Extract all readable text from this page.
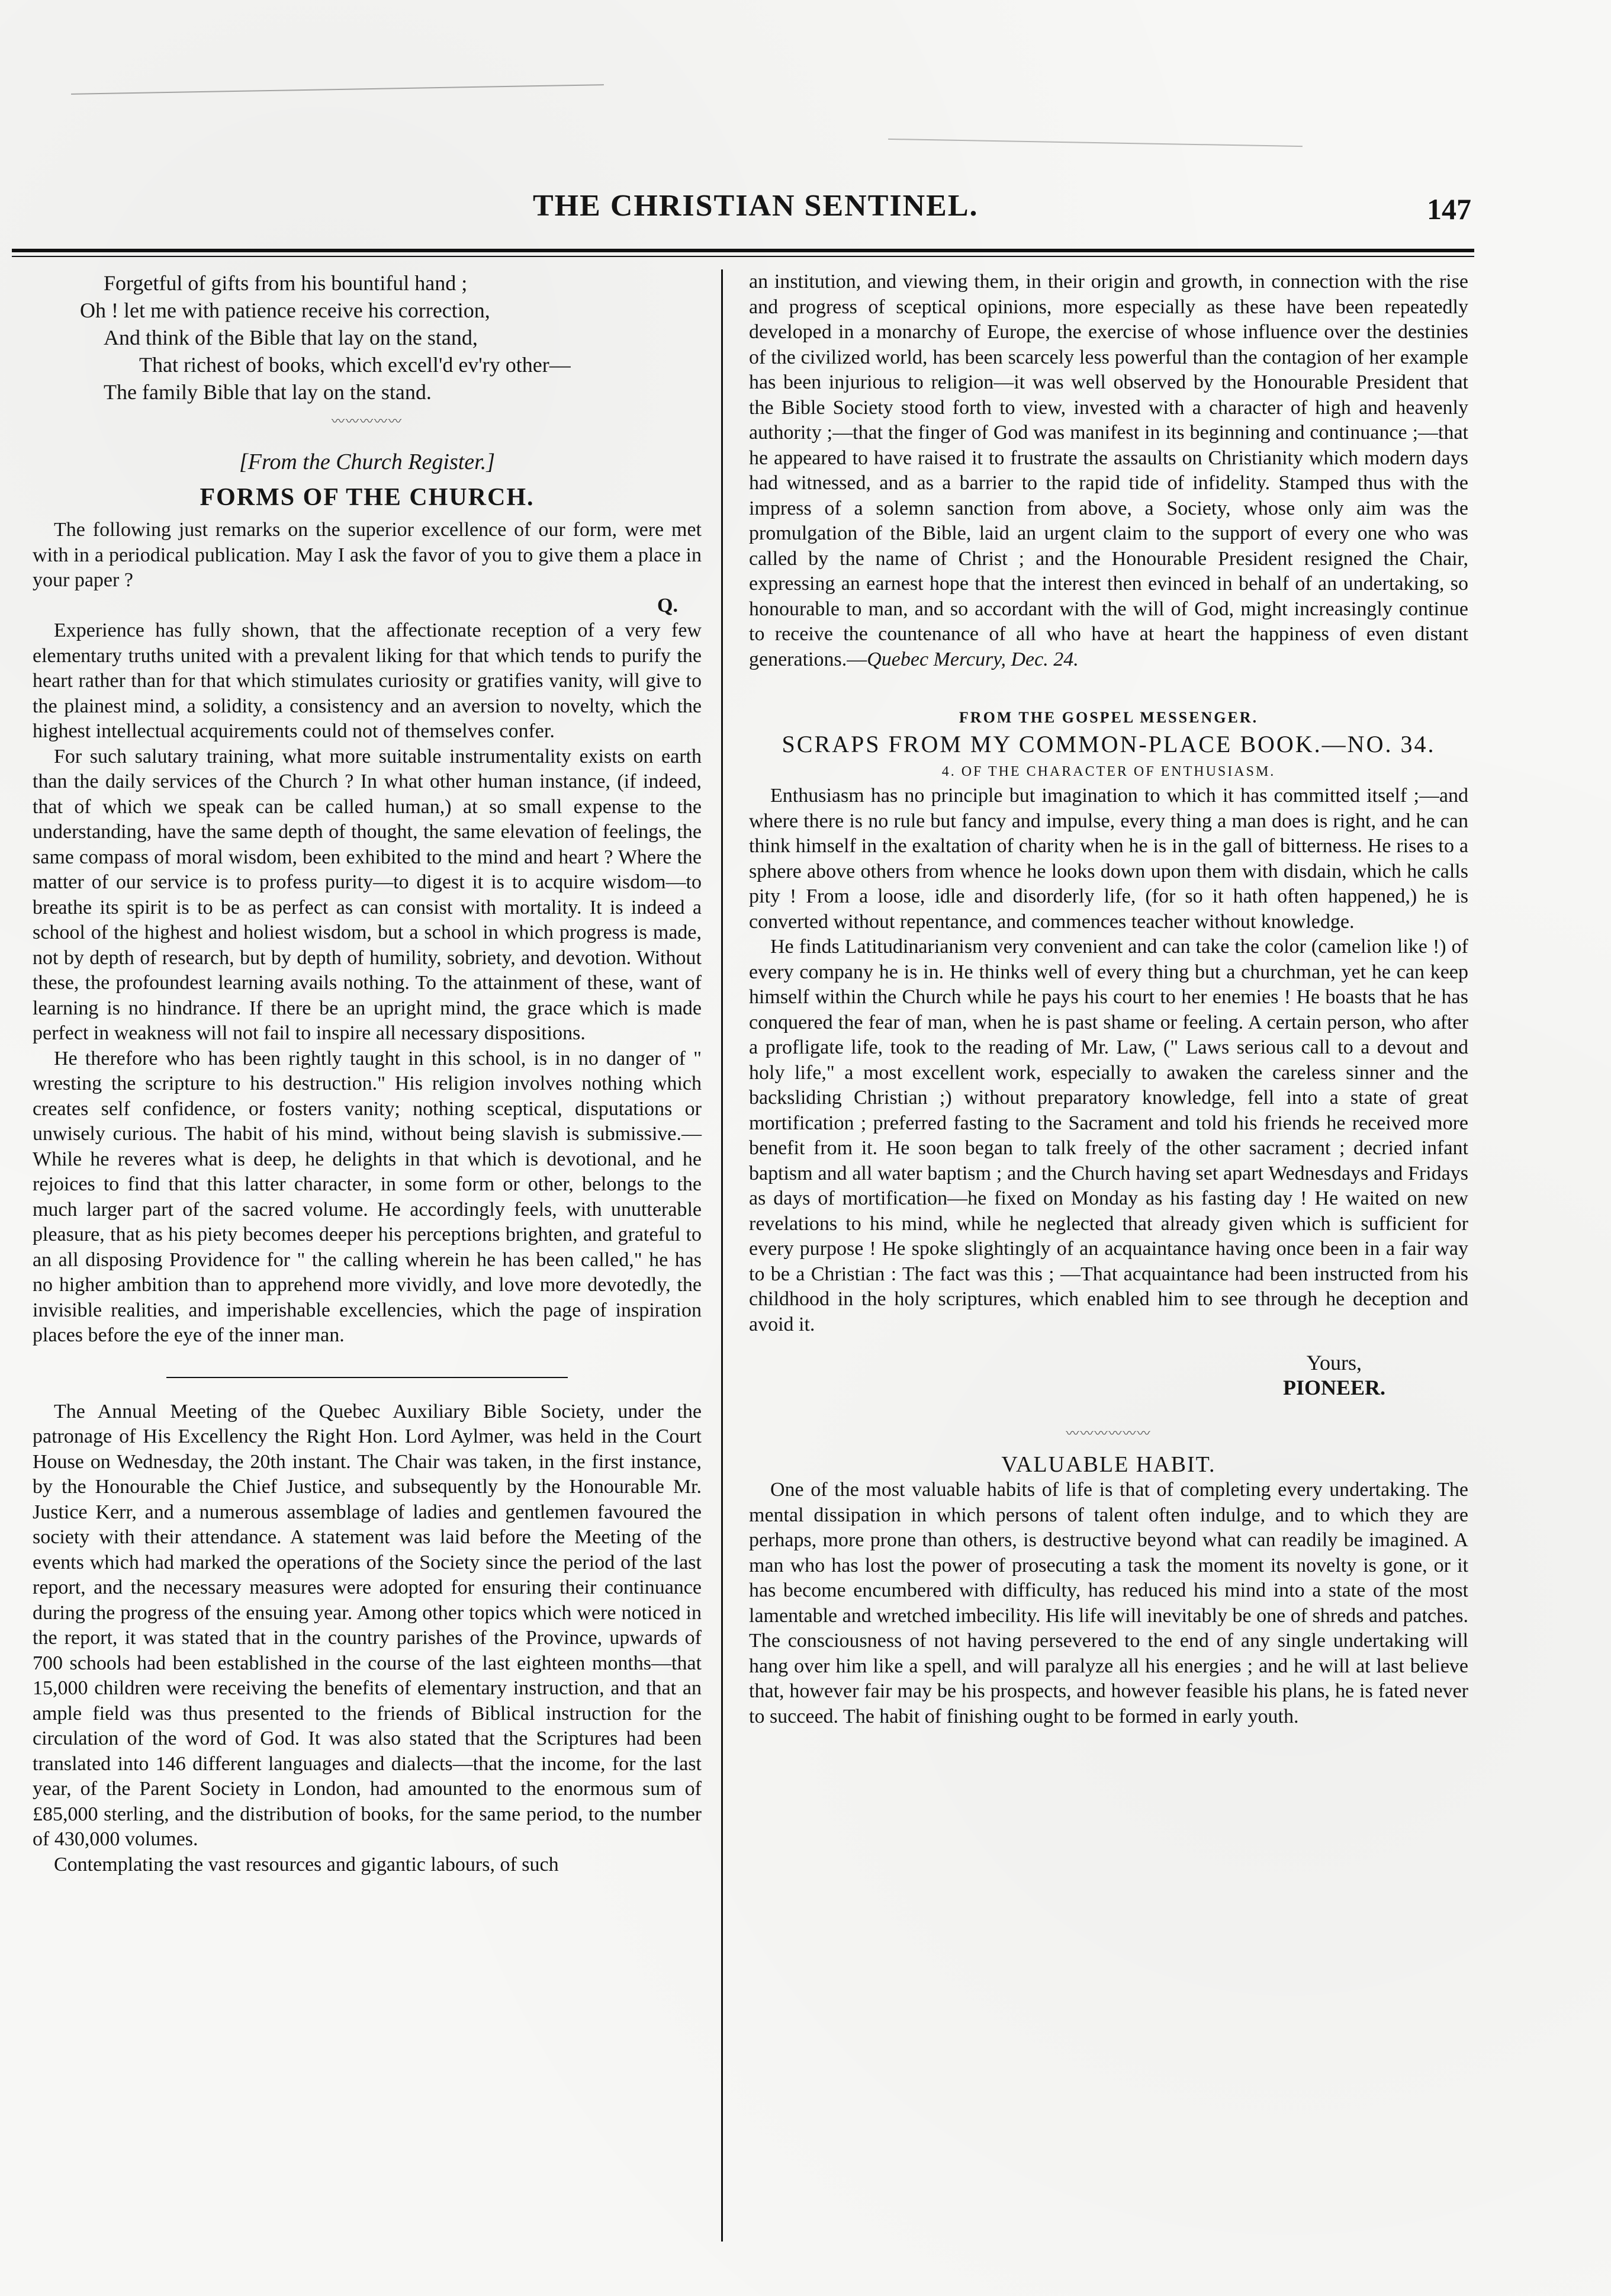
THE CHRISTIAN SENTINEL.	147
Forgetful of gifts from his bountiful hand ;
Oh ! let me with patience receive his correction,
And think of the Bible that lay on the stand,
That richest of books, which excell'd ev'ry other—
The family Bible that lay on the stand.
〰〰〰〰〰
[From the Church Register.]
FORMS OF THE CHURCH.

The following just remarks on the superior excellence of our form, were met with in a periodical publication. May I ask the favor of you to give them a place in your paper ?

Q.

Experience has fully shown, that the affectionate reception of a very few elementary truths united with a prevalent liking for that which tends to purify the heart rather than for that which stimulates curiosity or gratifies vanity, will give to the plainest mind, a solidity, a consistency and an aversion to novelty, which the highest intellectual acquirements could not of themselves confer.

For such salutary training, what more suitable instrumentality exists on earth than the daily services of the Church ? In what other human instance, (if indeed, that of which we speak can be called human,) at so small expense to the understanding, have the same depth of thought, the same elevation of feelings, the same compass of moral wisdom, been exhibited to the mind and heart ? Where the matter of our service is to profess purity—to digest it is to acquire wisdom—to breathe its spirit is to be as perfect as can consist with mortality. It is indeed a school of the highest and holiest wisdom, but a school in which progress is made, not by depth of research, but by depth of humility, sobriety, and devotion. Without these, the profoundest learning avails nothing. To the attainment of these, want of learning is no hindrance. If there be an upright mind, the grace which is made perfect in weakness will not fail to inspire all necessary dispositions.

He therefore who has been rightly taught in this school, is in no danger of " wresting the scripture to his destruction." His religion involves nothing which creates self confidence, or fosters vanity; nothing sceptical, disputations or unwisely curious. The habit of his mind, without being slavish is submissive.—While he reveres what is deep, he delights in that which is devotional, and he rejoices to find that this latter character, in some form or other, belongs to the much larger part of the sacred volume. He accordingly feels, with unutterable pleasure, that as his piety becomes deeper his perceptions brighten, and grateful to an all disposing Providence for " the calling wherein he has been called," he has no higher ambition than to apprehend more vividly, and love more devotedly, the invisible realities, and imperishable excellencies, which the page of inspiration places before the eye of the inner man.

The Annual Meeting of the Quebec Auxiliary Bible Society, under the patronage of His Excellency the Right Hon. Lord Aylmer, was held in the Court House on Wednesday, the 20th instant. The Chair was taken, in the first instance, by the Honourable the Chief Justice, and subsequently by the Honourable Mr. Justice Kerr, and a numerous assemblage of ladies and gentlemen favoured the society with their attendance. A statement was laid before the Meeting of the events which had marked the operations of the Society since the period of the last report, and the necessary measures were adopted for ensuring their continuance during the progress of the ensuing year. Among other topics which were noticed in the report, it was stated that in the country parishes of the Province, upwards of 700 schools had been established in the course of the last eighteen months—that 15,000 children were receiving the benefits of elementary instruction, and that an ample field was thus presented to the friends of Biblical instruction for the circulation of the word of God. It was also stated that the Scriptures had been translated into 146 different languages and dialects—that the income, for the last year, of the Parent Society in London, had amounted to the enormous sum of £85,000 sterling, and the distribution of books, for the same period, to the number of 430,000 volumes.

Contemplating the vast resources and gigantic labours, of such

an institution, and viewing them, in their origin and growth, in connection with the rise and progress of sceptical opinions, more especially as these have been repeatedly developed in a monarchy of Europe, the exercise of whose influence over the destinies of the civilized world, has been scarcely less powerful than the contagion of her example has been injurious to religion—it was well observed by the Honourable President that the Bible Society stood forth to view, invested with a character of high and heavenly authority ;—that the finger of God was manifest in its beginning and continuance ;—that he appeared to have raised it to frustrate the assaults on Christianity which modern days had witnessed, and as a barrier to the rapid tide of infidelity. Stamped thus with the impress of a solemn sanction from above, a Society, whose only aim was the promulgation of the Bible, laid an urgent claim to the support of every one who was called by the name of Christ ; and the Honourable President resigned the Chair, expressing an earnest hope that the interest then evinced in behalf of an undertaking, so honourable to man, and so accordant with the will of God, might increasingly continue to receive the countenance of all who have at heart the happiness of even distant generations.—Quebec Mercury, Dec. 24.

FROM THE GOSPEL MESSENGER.
SCRAPS FROM MY COMMON-PLACE BOOK.—NO. 34.
4. OF THE CHARACTER OF ENTHUSIASM.

Enthusiasm has no principle but imagination to which it has committed itself ;—and where there is no rule but fancy and impulse, every thing a man does is right, and he can think himself in the exaltation of charity when he is in the gall of bitterness. He rises to a sphere above others from whence he looks down upon them with disdain, which he calls pity ! From a loose, idle and disorderly life, (for so it hath often happened,) he is converted without repentance, and commences teacher without knowledge.

He finds Latitudinarianism very convenient and can take the color (camelion like !) of every company he is in. He thinks well of every thing but a churchman, yet he can keep himself within the Church while he pays his court to her enemies ! He boasts that he has conquered the fear of man, when he is past shame or feeling. A certain person, who after a profligate life, took to the reading of Mr. Law, (" Laws serious call to a devout and holy life," a most excellent work, especially to awaken the careless sinner and the backsliding Christian ;) without preparatory knowledge, fell into a state of great mortification ; preferred fasting to the Sacrament and told his friends he received more benefit from it. He soon began to talk freely of the other sacrament ; decried infant baptism and all water baptism ; and the Church having set apart Wednesdays and Fridays as days of mortification—he fixed on Monday as his fasting day ! He waited on new revelations to his mind, while he neglected that already given which is sufficient for every purpose ! He spoke slightingly of an acquaintance having once been in a fair way to be a Christian : The fact was this ; —That acquaintance had been instructed from his childhood in the holy scriptures, which enabled him to see through he deception and avoid it.

Yours,
PIONEER.
〰〰〰〰〰〰
VALUABLE HABIT.

One of the most valuable habits of life is that of completing every undertaking. The mental dissipation in which persons of talent often indulge, and to which they are perhaps, more prone than others, is destructive beyond what can readily be imagined. A man who has lost the power of prosecuting a task the moment its novelty is gone, or it has become encumbered with difficulty, has reduced his mind into a state of the most lamentable and wretched imbecility. His life will inevitably be one of shreds and patches. The consciousness of not having persevered to the end of any single undertaking will hang over him like a spell, and will paralyze all his energies ; and he will at last believe that, however fair may be his prospects, and however feasible his plans, he is fated never to succeed. The habit of finishing ought to be formed in early youth.
